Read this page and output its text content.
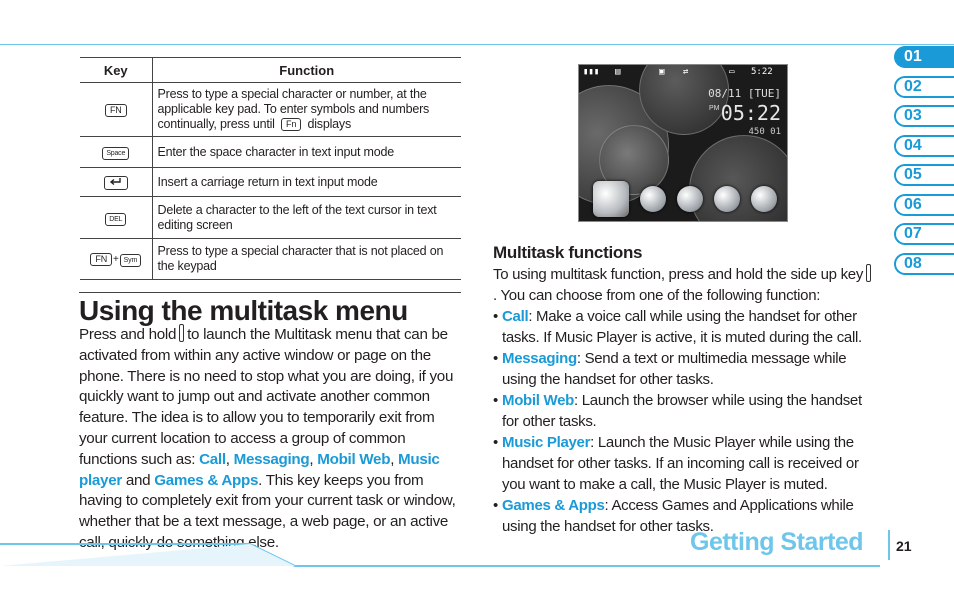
Key	Function
FN	Press to type a special character or number, at the applicable key pad. To enter symbols and numbers continually, press until Fn displays
Space	Enter the space character in text input mode
	Insert a carriage return in text input mode
DEL	Delete a character to the left of the text cursor in text editing screen
FN + Sym	Press to type a special character that is not placed on the keypad
Using the multitask menu

Press and hold to launch the Multitask menu that can be activated from within any active window or page on the phone. There is no need to stop what you are doing, if you quickly want to jump out and activate another common feature. The idea is to allow you to temporarily exit from your current location to access a group of common functions such as: Call, Messaging, Mobil Web, Music player and Games & Apps. This key keeps you from having to completely exit from your current task or window, whether that be a text message, a web page, or an active call, quickly do something else.

▮▮▮ ▤	▣ ⇄	▭ 5:22
08/11 [TUE]
PM 05:22
450 01
Multitask functions

To using multitask function, press and hold the side up key. You can choose from one of the following function:

• Call: Make a voice call while using the handset for other tasks. If Music Player is active, it is muted during the call.
• Messaging: Send a text or multimedia message while using the handset for other tasks.
• Mobil Web: Launch the browser while using the handset for other tasks.
• Music Player: Launch the Music Player while using the handset for other tasks. If an incoming call is received or you want to make a call, the Music Player is muted.
• Games & Apps: Access Games and Applications while using the handset for other tasks.
01
02
03
04
05
06
07
08
Getting Started 21
